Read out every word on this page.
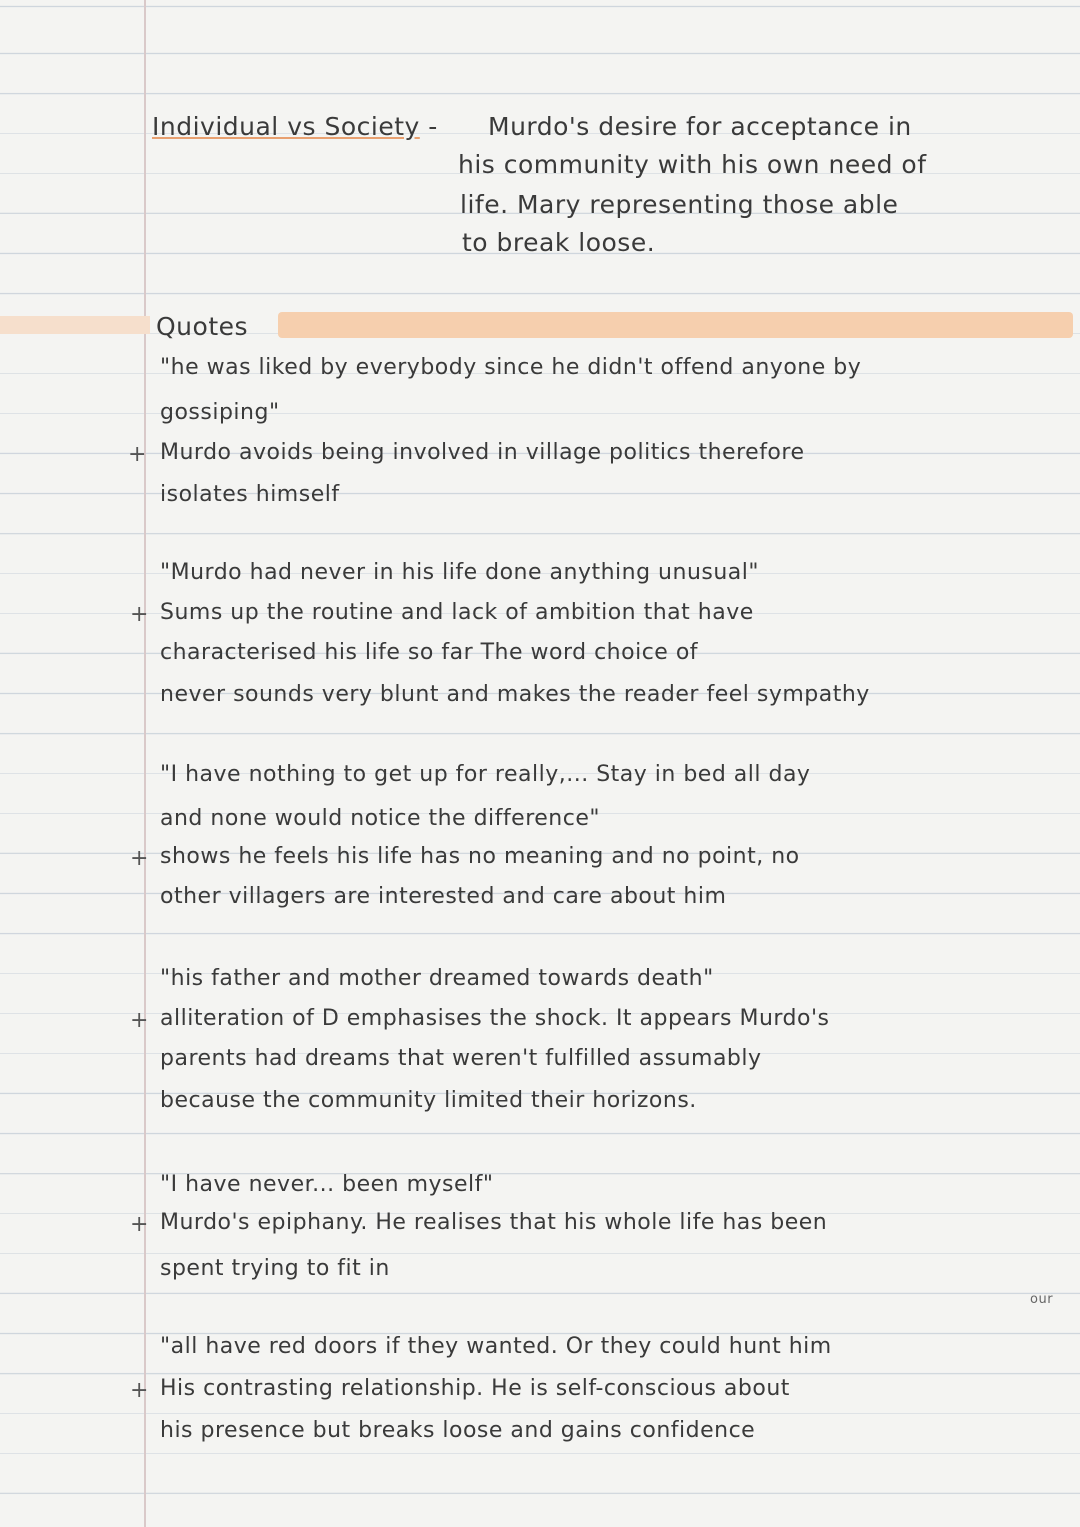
Individual vs Society - Murdo's desire for acceptance in
his community with his own need of
life. Mary representing those able
to break loose.
Quotes
"he was liked by everybody since he didn't offend anyone by
gossiping"
+ Murdo avoids being involved in village politics therefore
isolates himself
"Murdo had never in his life done anything unusual"
+ Sums up the routine and lack of ambition that have
characterised his life so far The word choice of
never sounds very blunt and makes the reader feel sympathy
"I have nothing to get up for really,... Stay in bed all day
and none would notice the difference"
+ shows he feels his life has no meaning and no point, no
other villagers are interested and care about him
"his father and mother dreamed towards death"
+ alliteration of D emphasises the shock. It appears Murdo's
parents had dreams that weren't fulfilled assumably
because the community limited their horizons.
"I have never... been myself"
+ Murdo's epiphany. He realises that his whole life has been
spent trying to fit in
our
"all have red doors if they wanted. Or they could hunt him
+ His contrasting relationship. He is self-conscious about
his presence but breaks loose and gains confidence
